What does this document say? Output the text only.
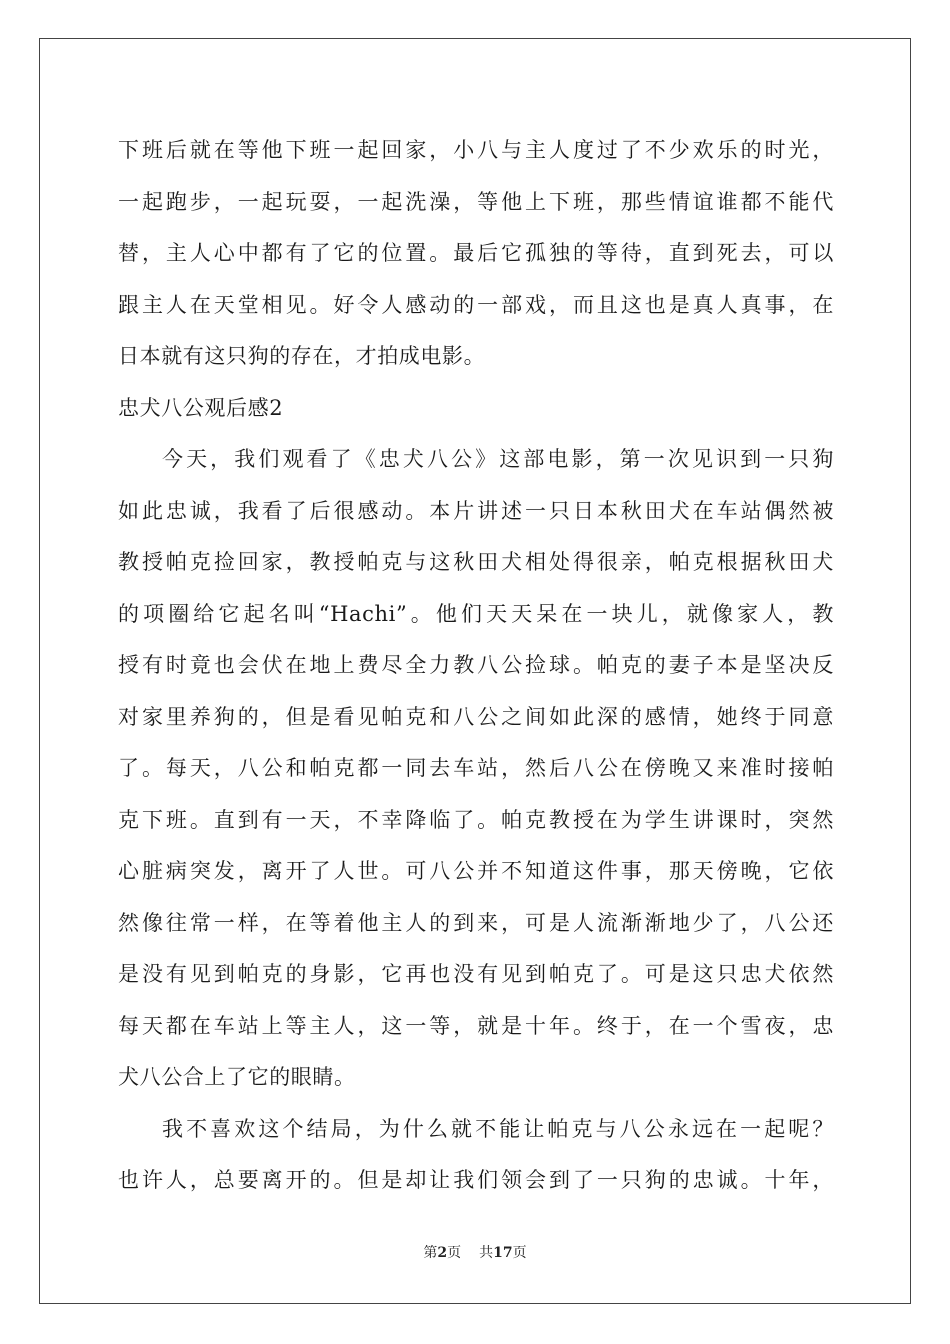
下班后就在等他下班一起回家，小八与主人度过了不少欢乐的时光，
一起跑步，一起玩耍，一起洗澡，等他上下班，那些情谊谁都不能代
替，主人心中都有了它的位置。最后它孤独的等待，直到死去，可以
跟主人在天堂相见。好令人感动的一部戏，而且这也是真人真事，在
日本就有这只狗的存在，才拍成电影。
忠犬八公观后感2
今天，我们观看了《忠犬八公》这部电影，第一次见识到一只狗
如此忠诚，我看了后很感动。本片讲述一只日本秋田犬在车站偶然被
教授帕克捡回家，教授帕克与这秋田犬相处得很亲，帕克根据秋田犬
的项圈给它起名叫“Hachi”。他们天天呆在一块儿，就像家人，教
授有时竟也会伏在地上费尽全力教八公捡球。帕克的妻子本是坚决反
对家里养狗的，但是看见帕克和八公之间如此深的感情，她终于同意
了。每天，八公和帕克都一同去车站，然后八公在傍晚又来准时接帕
克下班。直到有一天，不幸降临了。帕克教授在为学生讲课时，突然
心脏病突发，离开了人世。可八公并不知道这件事，那天傍晚，它依
然像往常一样，在等着他主人的到来，可是人流渐渐地少了，八公还
是没有见到帕克的身影，它再也没有见到帕克了。可是这只忠犬依然
每天都在车站上等主人，这一等，就是十年。终于，在一个雪夜，忠
犬八公合上了它的眼睛。
我不喜欢这个结局，为什么就不能让帕克与八公永远在一起呢？
也许人，总要离开的。但是却让我们领会到了一只狗的忠诚。十年，
第2页 共17页
